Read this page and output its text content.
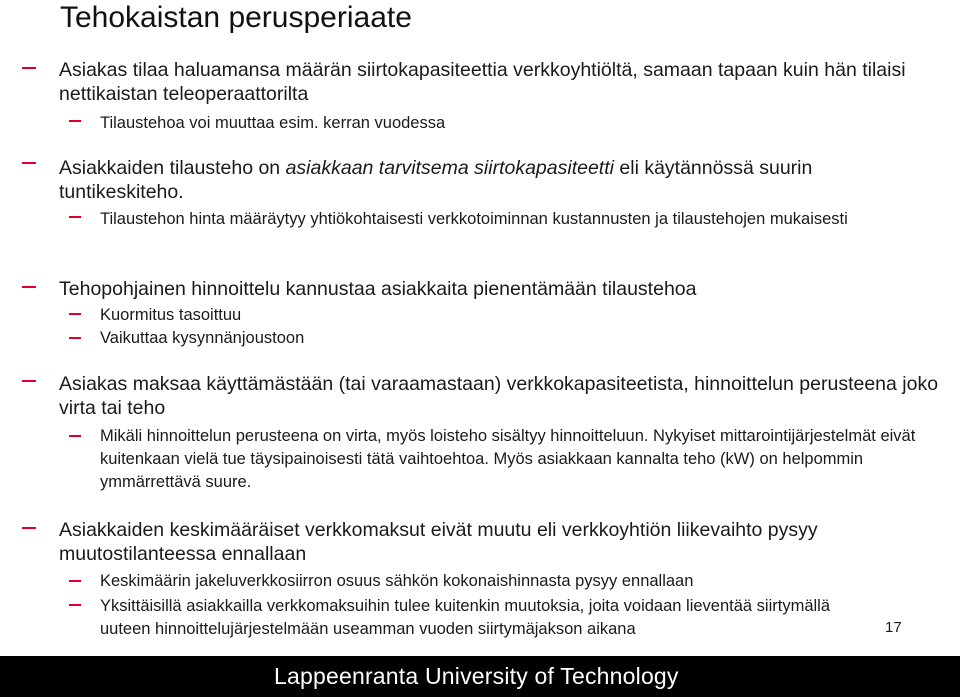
Tehokaistan perusperiaate

Asiakas tilaa haluamansa määrän siirtokapasiteettia verkkoyhtiöltä, samaan tapaan kuin hän tilaisi nettikaistan teleoperaattorilta

Tilaustehoa voi muuttaa esim. kerran vuodessa

Asiakkaiden tilausteho on asiakkaan tarvitsema siirtokapasiteetti eli käytännössä suurin tuntikeskiteho.

Tilaustehon hinta määräytyy yhtiökohtaisesti verkkotoiminnan kustannusten ja tilaustehojen mukaisesti

Tehopohjainen hinnoittelu kannustaa asiakkaita pienentämään tilaustehoa

Kuormitus tasoittuu

Vaikuttaa kysynnänjoustoon

Asiakas maksaa käyttämästään (tai varaamastaan) verkkokapasiteetista, hinnoittelun perusteena joko virta tai teho

Mikäli hinnoittelun perusteena on virta, myös loisteho sisältyy hinnoitteluun. Nykyiset mittarointijärjestelmät eivät kuitenkaan vielä tue täysipainoisesti tätä vaihtoehtoa. Myös asiakkaan kannalta teho (kW) on helpommin ymmärrettävä suure.

Asiakkaiden keskimääräiset verkkomaksut eivät muutu eli verkkoyhtiön liikevaihto pysyy muutostilanteessa ennallaan

Keskimäärin jakeluverkkosiirron osuus sähkön kokonaishinnasta pysyy ennallaan

Yksittäisillä asiakkailla verkkomaksuihin tulee kuitenkin muutoksia, joita voidaan lieventää siirtymällä uuteen hinnoittelujärjestelmään useamman vuoden siirtymäjakson aikana	17
Lappeenranta University of Technology
